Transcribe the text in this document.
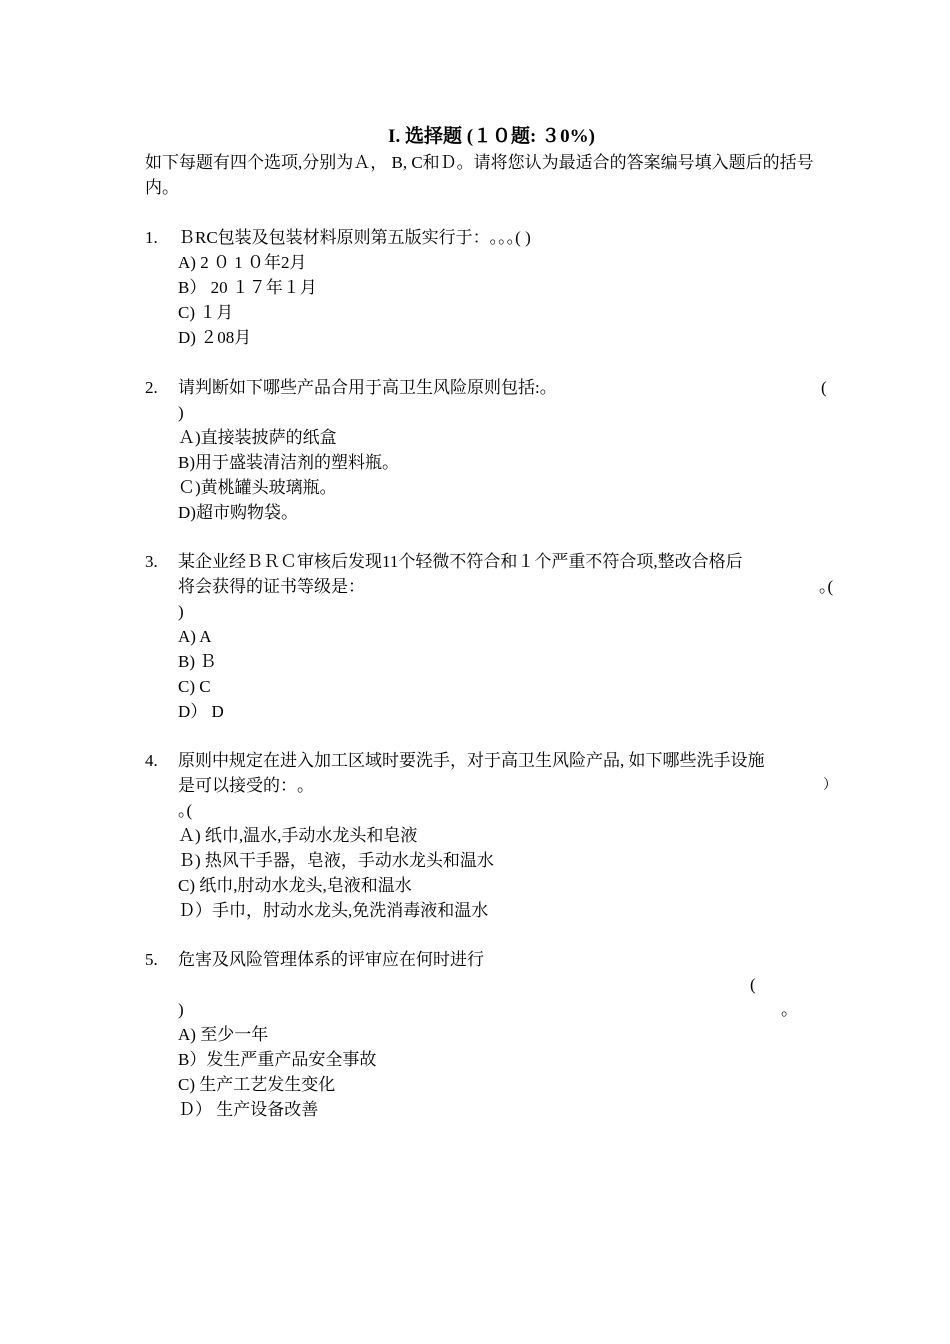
I. 选择题 (１０题: ３0%)
如下每题有四个选项,分别为Ａ， B, C和Ｄ。请将您认为最适合的答案编号填入题后的括号内。
1. ＢRC包装及包装材料原则第五版实行于：｡｡｡( )
A) 2 ０ 1 ０年2月
B） 20 １７年１月
C) １月
D) ２08月
2. 请判断如下哪些产品合用于高卫生风险原则包括:｡	(
)
Ａ)直接装披萨的纸盒
B)用于盛装清洁剂的塑料瓶。
Ｃ)黄桃罐头玻璃瓶。
D)超市购物袋。
3. 某企业经ＢＲＣ审核后发现11个轻微不符合和１个严重不符合项,整改合格后
将会获得的证书等级是：	｡(
)
A) A
B) Ｂ
C) C
D） D
4. 原则中规定在进入加工区域时要洗手，对于高卫生风险产品, 如下哪些洗手设施
是可以接受的：｡	）
｡(
Ａ) 纸巾,温水,手动水龙头和皂液
Ｂ) 热风干手器，皂液，手动水龙头和温水
C) 纸巾,肘动水龙头,皂液和温水
Ｄ）手巾，肘动水龙头,免洗消毒液和温水
5. 危害及风险管理体系的评审应在何时进行
(
)	｡
A) 至少一年
B）发生严重产品安全事故
C) 生产工艺发生变化
Ｄ） 生产设备改善
